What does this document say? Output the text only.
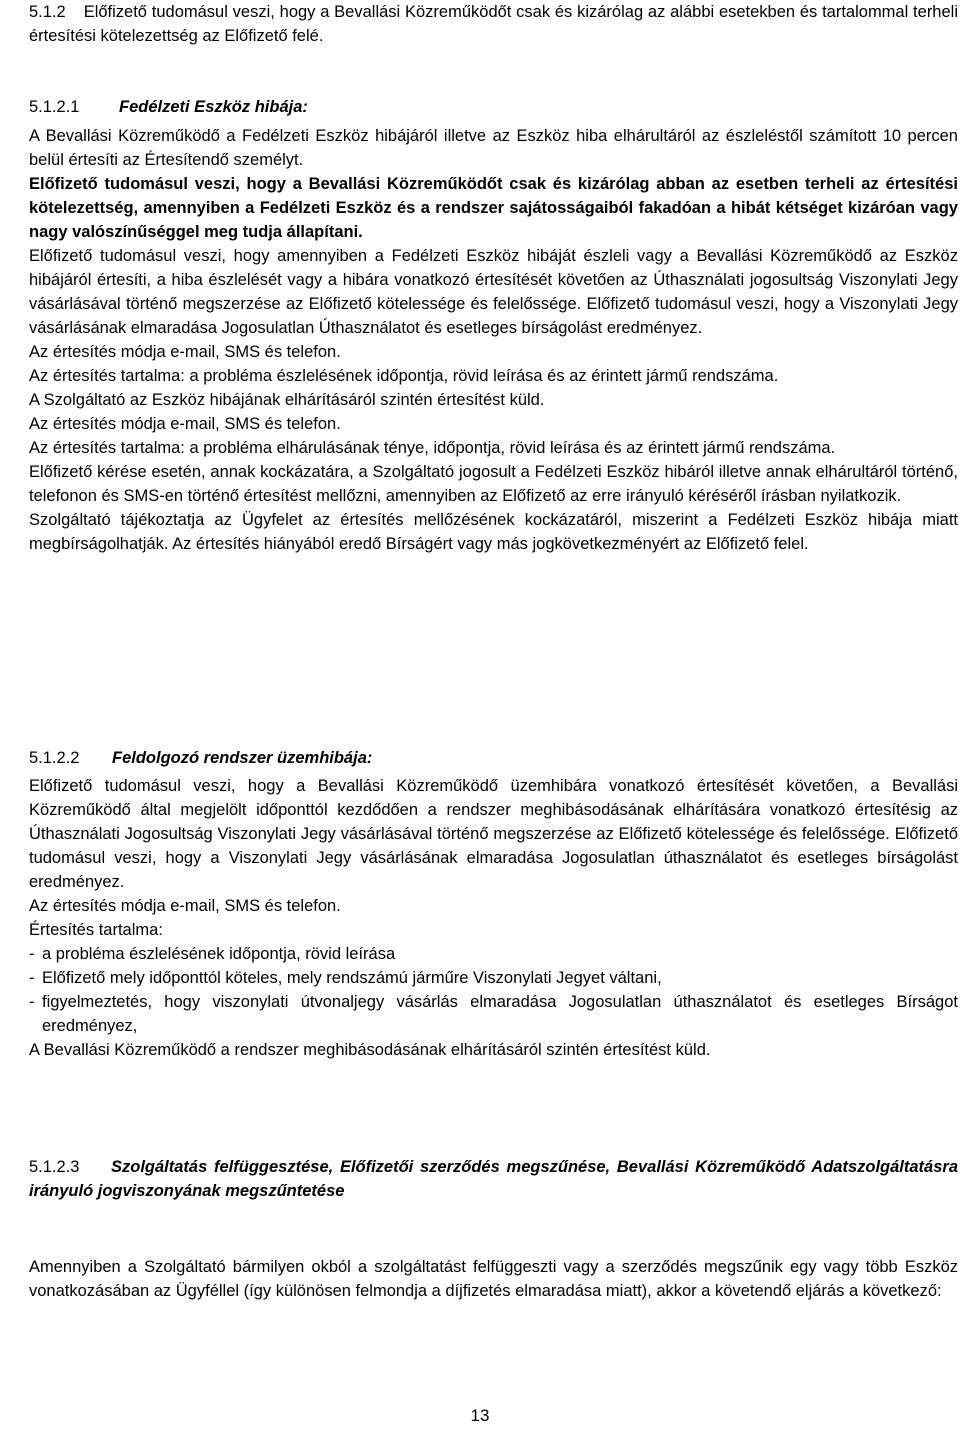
5.1.2 Előfizető tudomásul veszi, hogy a Bevallási Közreműködőt csak és kizárólag az alábbi esetekben és tartalommal terheli értesítési kötelezettség az Előfizető felé.
5.1.2.1 Fedélzeti Eszköz hibája:
A Bevallási Közreműködő a Fedélzeti Eszköz hibájáról illetve az Eszköz hiba elhárultáról az észleléstől számított 10 percen belül értesíti az Értesítendő személyt.
Előfizető tudomásul veszi, hogy a Bevallási Közreműködőt csak és kizárólag abban az esetben terheli az értesítési kötelezettség, amennyiben a Fedélzeti Eszköz és a rendszer sajátosságaiból fakadóan a hibát kétséget kizáróan vagy nagy valószínűséggel meg tudja állapítani.
Előfizető tudomásul veszi, hogy amennyiben a Fedélzeti Eszköz hibáját észleli vagy a Bevallási Közreműködő az Eszköz hibájáról értesíti, a hiba észlelését vagy a hibára vonatkozó értesítését követően az Úthasználati jogosultság Viszonylati Jegy vásárlásával történő megszerzése az Előfizető kötelessége és felelőssége. Előfizető tudomásul veszi, hogy a Viszonylati Jegy vásárlásának elmaradása Jogosulatlan Úthasználatot és esetleges bírságolást eredményez.
Az értesítés módja e-mail, SMS és telefon.
Az értesítés tartalma: a probléma észlelésének időpontja, rövid leírása és az érintett jármű rendszáma.
A Szolgáltató az Eszköz hibájának elhárításáról szintén értesítést küld.
Az értesítés módja e-mail, SMS és telefon.
Az értesítés tartalma: a probléma elhárulásának ténye, időpontja, rövid leírása és az érintett jármű rendszáma.
Előfizető kérése esetén, annak kockázatára, a Szolgáltató jogosult a Fedélzeti Eszköz hibáról illetve annak elhárultáról történő, telefonon és SMS-en történő értesítést mellőzni, amennyiben az Előfizető az erre irányuló kéréséről írásban nyilatkozik.
Szolgáltató tájékoztatja az Ügyfelet az értesítés mellőzésének kockázatáról, miszerint a Fedélzeti Eszköz hibája miatt megbírságolhatják. Az értesítés hiányából eredő Bírságért vagy más jogkövetkezményért az Előfizető felel.
5.1.2.2 Feldolgozó rendszer üzemhibája:
Előfizető tudomásul veszi, hogy a Bevallási Közreműködő üzemhibára vonatkozó értesítését követően, a Bevallási Közreműködő által megjelölt időponttól kezdődően a rendszer meghibásodásának elhárítására vonatkozó értesítésig az Úthasználati Jogosultság Viszonylati Jegy vásárlásával történő megszerzése az Előfizető kötelessége és felelőssége. Előfizető tudomásul veszi, hogy a Viszonylati Jegy vásárlásának elmaradása Jogosulatlan úthasználatot és esetleges bírságolást eredményez.
Az értesítés módja e-mail, SMS és telefon.
Értesítés tartalma:
- a probléma észlelésének időpontja, rövid leírása
- Előfizető mely időponttól köteles, mely rendszámú járműre Viszonylati Jegyet váltani,
- figyelmeztetés, hogy viszonylati útvonaljegy vásárlás elmaradása Jogosulatlan úthasználatot és esetleges Bírságot eredményez,
A Bevallási Közreműködő a rendszer meghibásodásának elhárításáról szintén értesítést küld.
5.1.2.3 Szolgáltatás felfüggesztése, Előfizetői szerződés megszűnése, Bevallási Közreműködő Adatszolgáltatásra irányuló jogviszonyának megszűntetése
Amennyiben a Szolgáltató bármilyen okból a szolgáltatást felfüggeszti vagy a szerződés megszűnik egy vagy több Eszköz vonatkozásában az Ügyféllel (így különösen felmondja a díjfizetés elmaradása miatt), akkor a követendő eljárás a következő:
13
